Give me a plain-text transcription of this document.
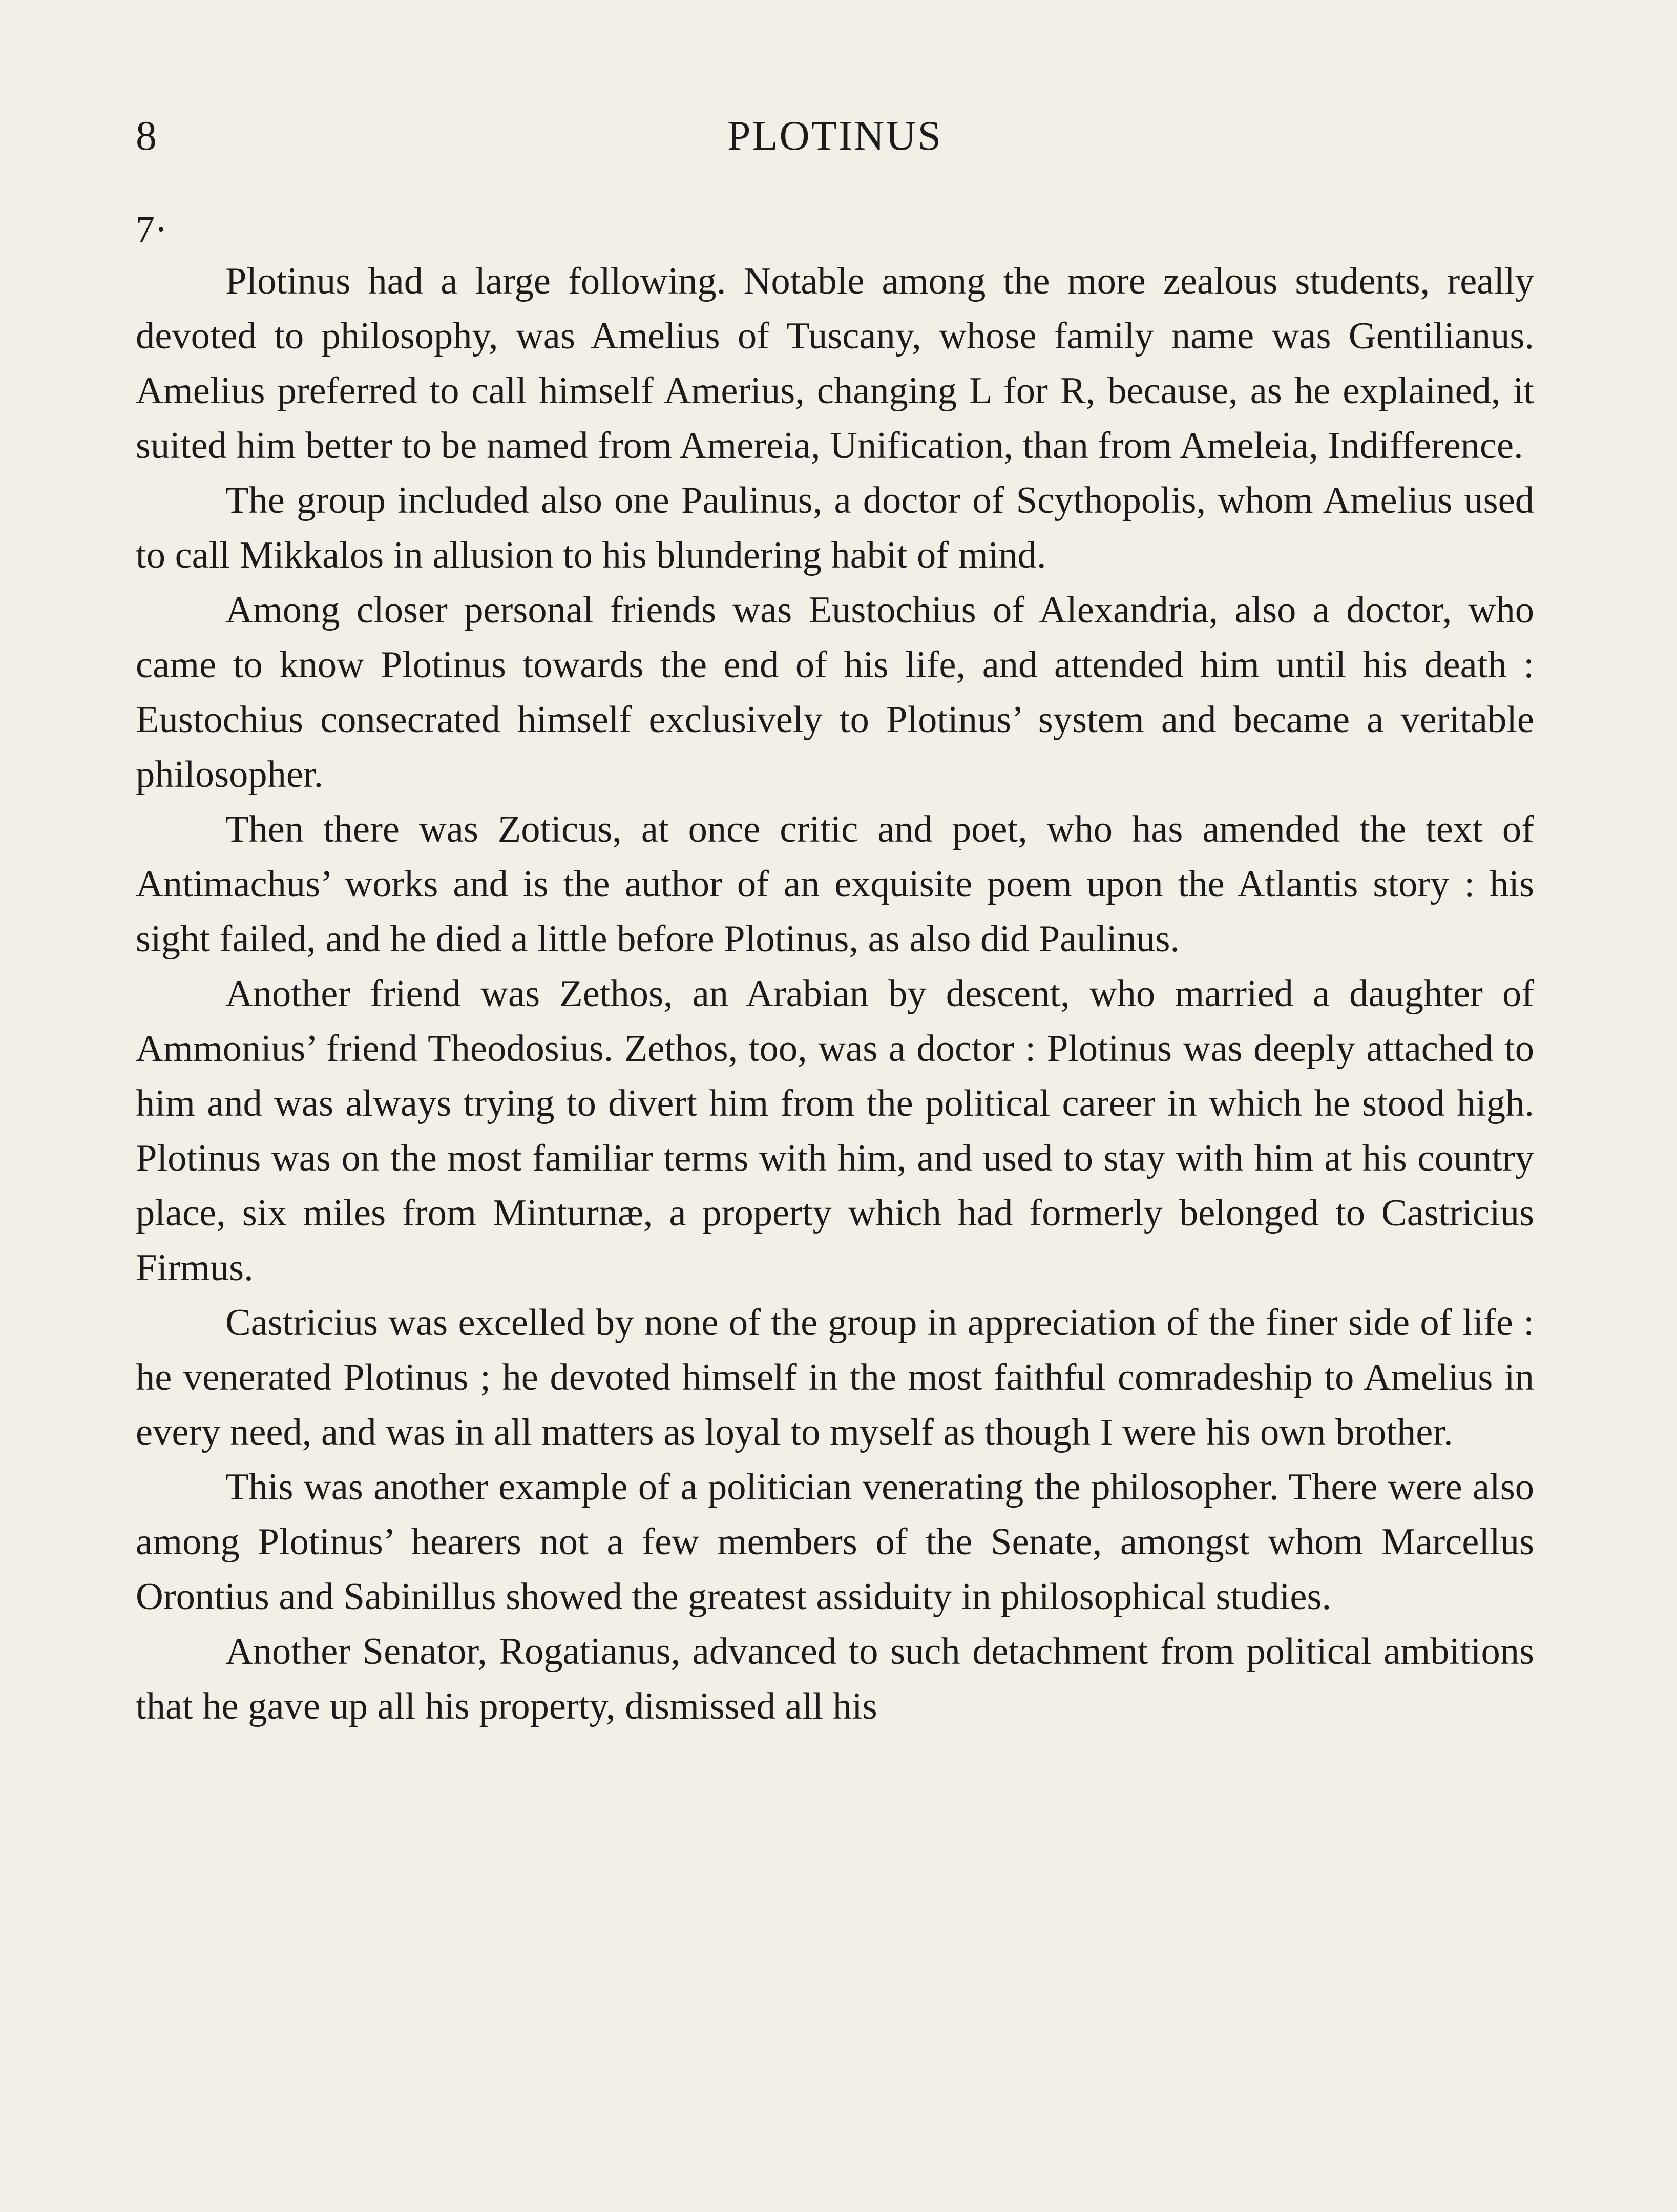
8	PLOTINUS
7·

Plotinus had a large following. Notable among the more zealous students, really devoted to philosophy, was Amelius of Tuscany, whose family name was Gentilianus. Amelius preferred to call himself Amerius, changing L for R, because, as he explained, it suited him better to be named from Amereia, Unification, than from Ameleia, Indifference.

The group included also one Paulinus, a doctor of Scythopolis, whom Amelius used to call Mikkalos in allusion to his blundering habit of mind.

Among closer personal friends was Eustochius of Alexandria, also a doctor, who came to know Plotinus towards the end of his life, and attended him until his death : Eustochius consecrated himself exclusively to Plotinus’ system and became a veritable philosopher.

Then there was Zoticus, at once critic and poet, who has amended the text of Antimachus’ works and is the author of an exquisite poem upon the Atlantis story : his sight failed, and he died a little before Plotinus, as also did Paulinus.

Another friend was Zethos, an Arabian by descent, who married a daughter of Ammonius’ friend Theodosius. Zethos, too, was a doctor : Plotinus was deeply attached to him and was always trying to divert him from the political career in which he stood high. Plotinus was on the most familiar terms with him, and used to stay with him at his country place, six miles from Minturnæ, a property which had formerly belonged to Castricius Firmus.

Castricius was excelled by none of the group in appreciation of the finer side of life : he venerated Plotinus ; he devoted himself in the most faithful comradeship to Amelius in every need, and was in all matters as loyal to myself as though I were his own brother.

This was another example of a politician venerating the philosopher. There were also among Plotinus’ hearers not a few members of the Senate, amongst whom Marcellus Orontius and Sabinillus showed the greatest assiduity in philosophical studies.

Another Senator, Rogatianus, advanced to such detachment from political ambitions that he gave up all his property, dismissed all his
